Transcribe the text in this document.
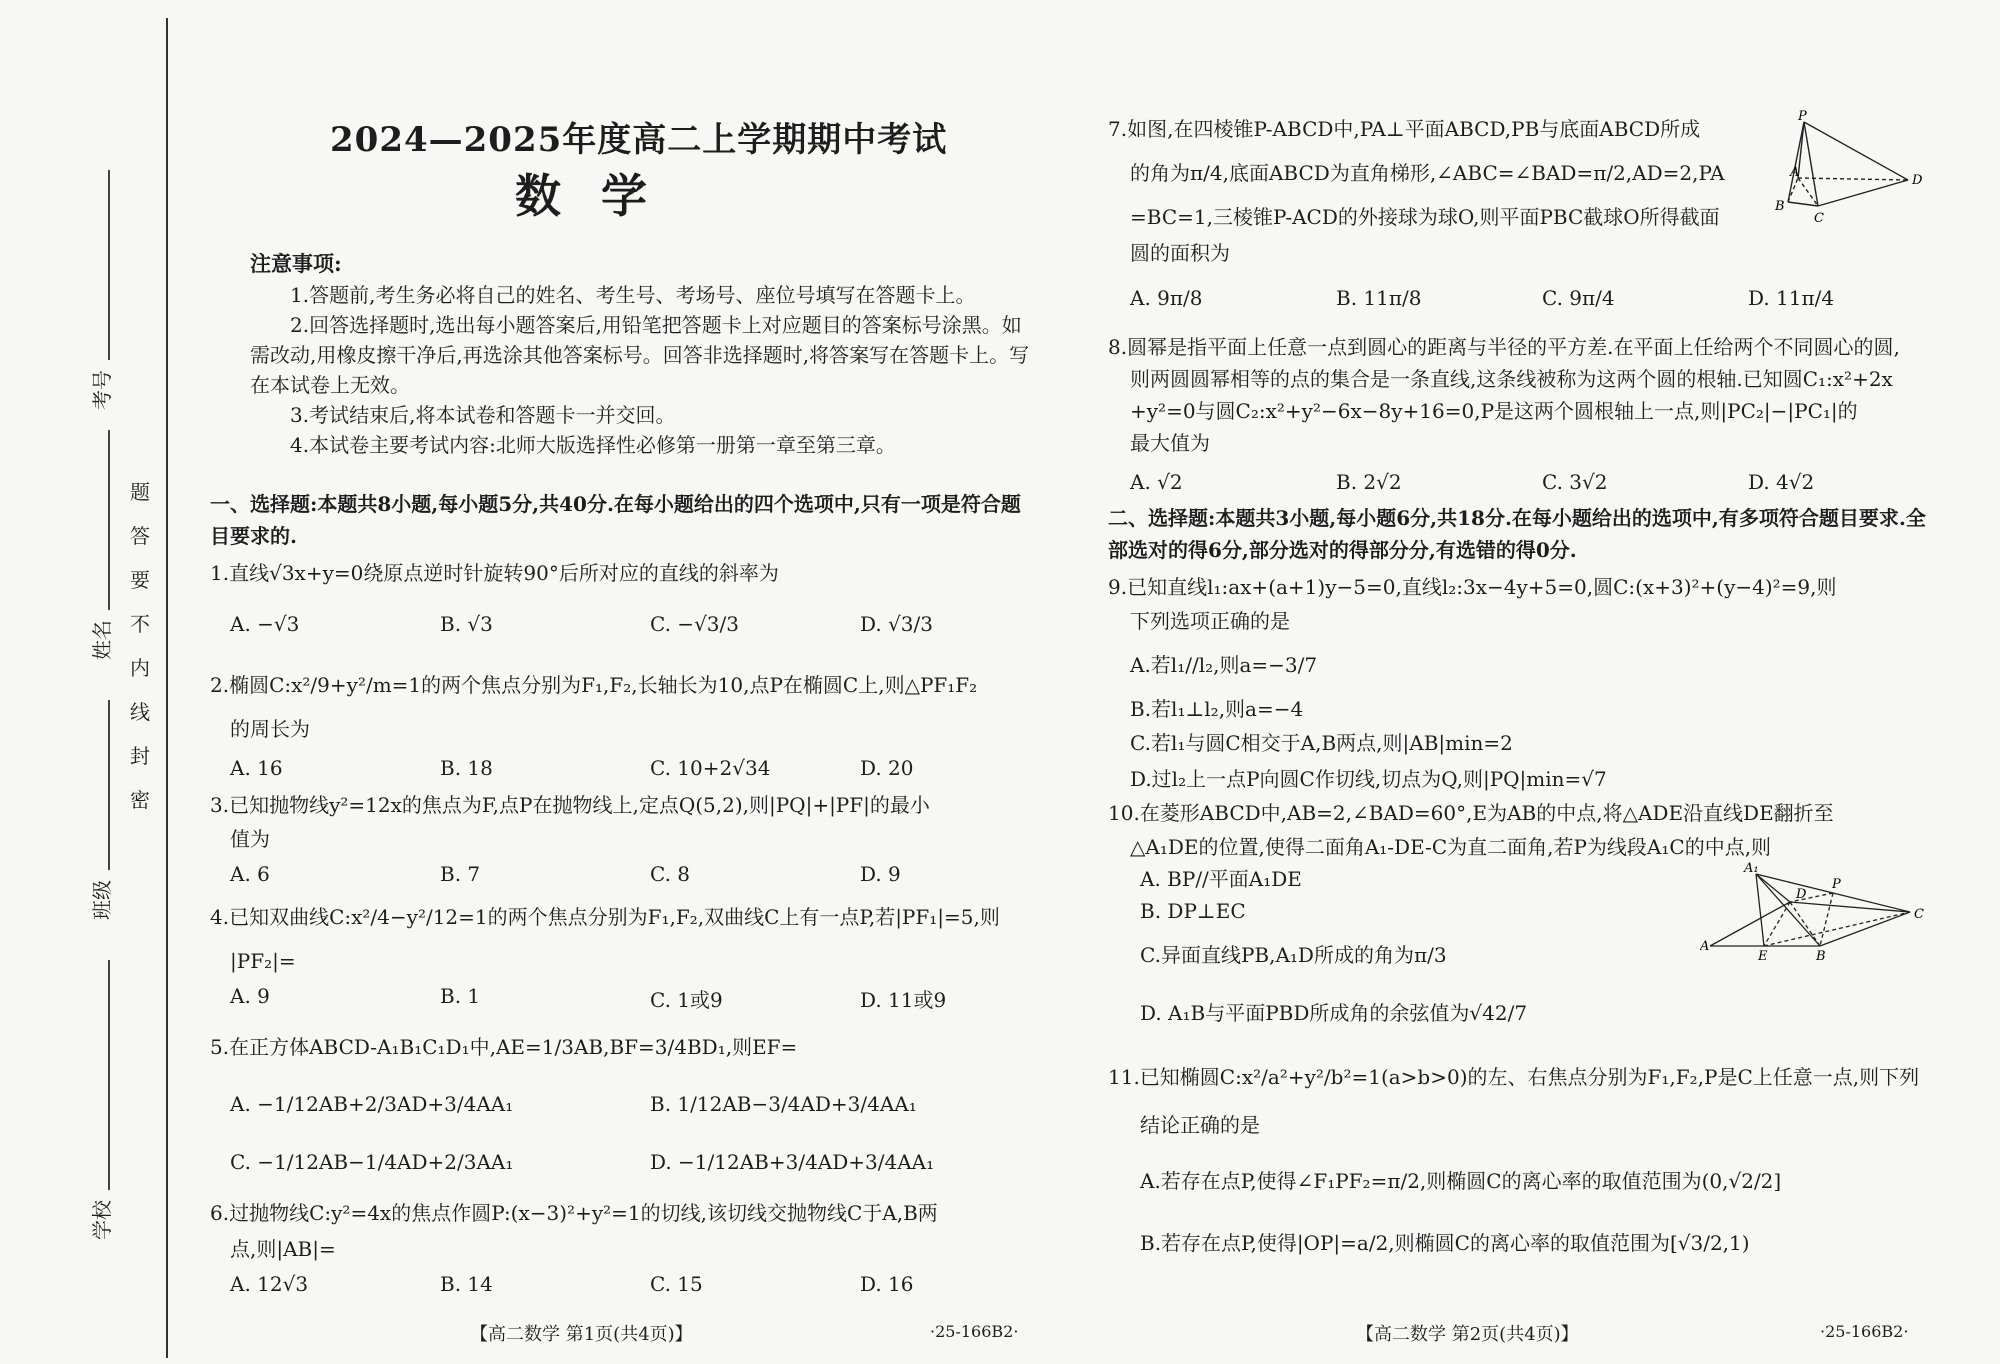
考号
姓名
班级
学校
题
答
要
不
内
线
封
密
2024—2025年度高二上学期期中考试
数学
注意事项:
1.答题前,考生务必将自己的姓名、考生号、考场号、座位号填写在答题卡上。
2.回答选择题时,选出每小题答案后,用铅笔把答题卡上对应题目的答案标号涂黑。如需改动,用橡皮擦干净后,再选涂其他答案标号。回答非选择题时,将答案写在答题卡上。写在本试卷上无效。
3.考试结束后,将本试卷和答题卡一并交回。
4.本试卷主要考试内容:北师大版选择性必修第一册第一章至第三章。
一、选择题:本题共8小题,每小题5分,共40分.在每小题给出的四个选项中,只有一项是符合题目要求的.
1.直线√3x+y=0绕原点逆时针旋转90°后所对应的直线的斜率为
A. −√3	B. √3	C. −√3/3	D. √3/3
2.椭圆C:x²/9+y²/m=1的两个焦点分别为F₁,F₂,长轴长为10,点P在椭圆C上,则△PF₁F₂
的周长为
A. 16	B. 18	C. 10+2√34	D. 20
3.已知抛物线y²=12x的焦点为F,点P在抛物线上,定点Q(5,2),则|PQ|+|PF|的最小
值为
A. 6	B. 7	C. 8	D. 9
4.已知双曲线C:x²/4−y²/12=1的两个焦点分别为F₁,F₂,双曲线C上有一点P,若|PF₁|=5,则
|PF₂|=
A. 9	B. 1	C. 1或9	D. 11或9
5.在正方体ABCD-A₁B₁C₁D₁中,AE=1/3AB,BF=3/4BD₁,则EF=
A. −1/12AB+2/3AD+3/4AA₁	B. 1/12AB−3/4AD+3/4AA₁
C. −1/12AB−1/4AD+2/3AA₁	D. −1/12AB+3/4AD+3/4AA₁
6.过抛物线C:y²=4x的焦点作圆P:(x−3)²+y²=1的切线,该切线交抛物线C于A,B两
点,则|AB|=
A. 12√3	B. 14	C. 15	D. 16
【高二数学 第1页(共4页)】	·25-166B2·
7.如图,在四棱锥P-ABCD中,PA⊥平面ABCD,PB与底面ABCD所成
的角为π/4,底面ABCD为直角梯形,∠ABC=∠BAD=π/2,AD=2,PA
=BC=1,三棱锥P-ACD的外接球为球O,则平面PBC截球O所得截面
圆的面积为
P
A
B
C
D
A. 9π/8	B. 11π/8	C. 9π/4	D. 11π/4
8.圆幂是指平面上任意一点到圆心的距离与半径的平方差.在平面上任给两个不同圆心的圆,
则两圆圆幂相等的点的集合是一条直线,这条线被称为这两个圆的根轴.已知圆C₁:x²+2x
+y²=0与圆C₂:x²+y²−6x−8y+16=0,P是这两个圆根轴上一点,则|PC₂|−|PC₁|的
最大值为
A. √2	B. 2√2	C. 3√2	D. 4√2
二、选择题:本题共3小题,每小题6分,共18分.在每小题给出的选项中,有多项符合题目要求.全部选对的得6分,部分选对的得部分分,有选错的得0分.
9.已知直线l₁:ax+(a+1)y−5=0,直线l₂:3x−4y+5=0,圆C:(x+3)²+(y−4)²=9,则
下列选项正确的是
A.若l₁//l₂,则a=−3/7
B.若l₁⊥l₂,则a=−4
C.若l₁与圆C相交于A,B两点,则|AB|min=2
D.过l₂上一点P向圆C作切线,切点为Q,则|PQ|min=√7
10.在菱形ABCD中,AB=2,∠BAD=60°,E为AB的中点,将△ADE沿直线DE翻折至
△A₁DE的位置,使得二面角A₁-DE-C为直二面角,若P为线段A₁C的中点,则
A. BP//平面A₁DE
B. DP⊥EC
C.异面直线PB,A₁D所成的角为π/3
D. A₁B与平面PBD所成角的余弦值为√42/7
A₁
D
P
C
A
E	B
11.已知椭圆C:x²/a²+y²/b²=1(a>b>0)的左、右焦点分别为F₁,F₂,P是C上任意一点,则下列
结论正确的是
A.若存在点P,使得∠F₁PF₂=π/2,则椭圆C的离心率的取值范围为(0,√2/2]
B.若存在点P,使得|OP|=a/2,则椭圆C的离心率的取值范围为[√3/2,1)
【高二数学 第2页(共4页)】	·25-166B2·
